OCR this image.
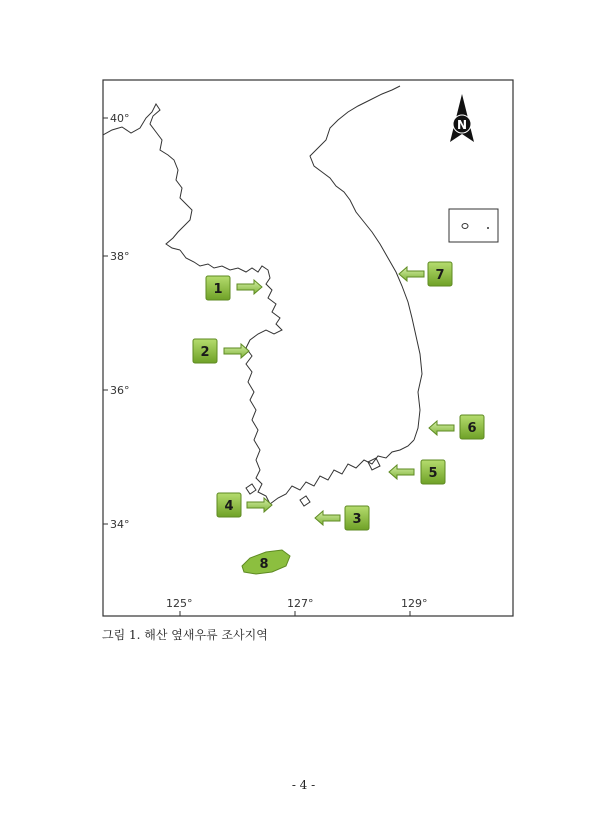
40°
38°
36°
34°
125°	127°	129°
N
1
2
3
4
5
6
7
8
그림 1. 해산 옆새우류 조사지역
- 4 -
